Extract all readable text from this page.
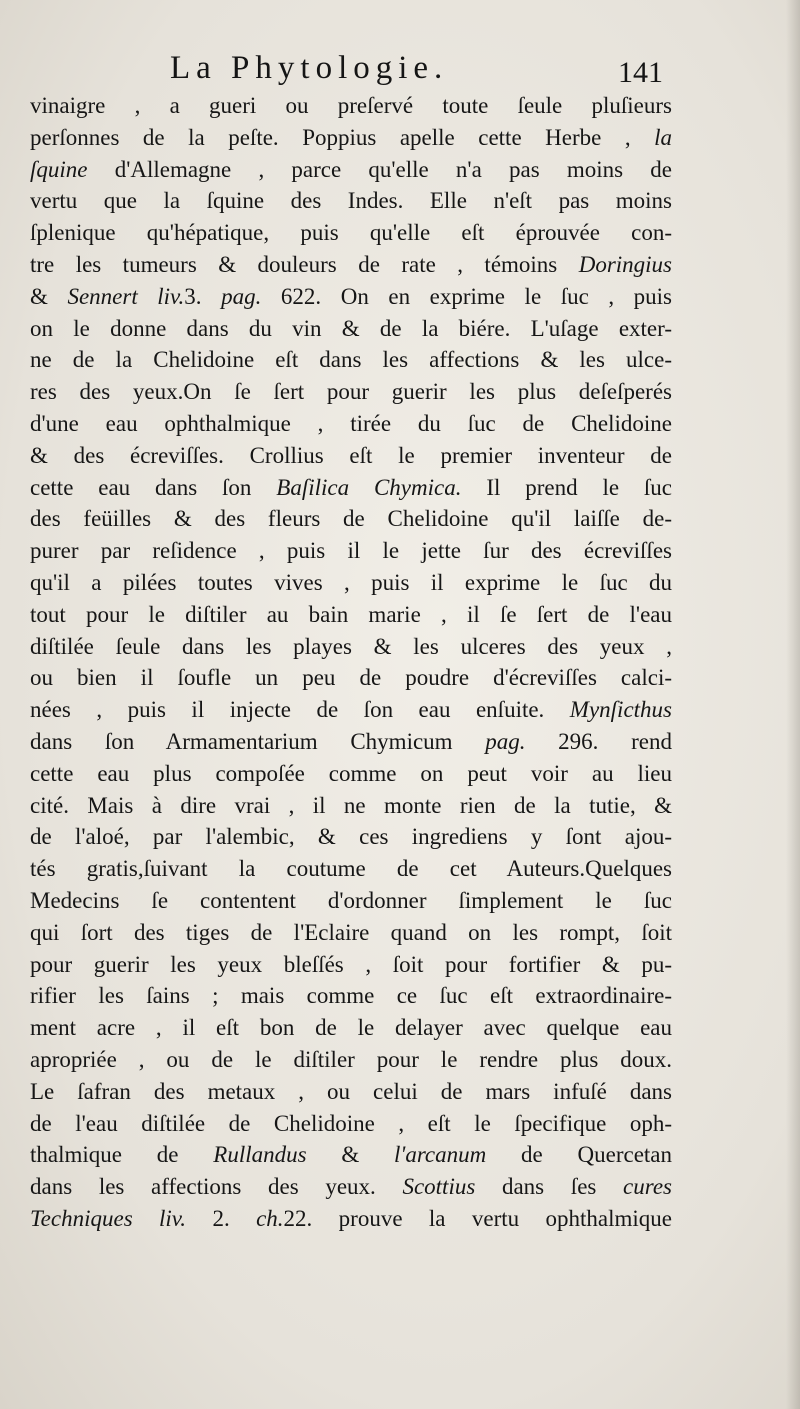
La Phytologie.	141
vinaigre , a gueri ou preſervé toute ſeule pluſieurs
perſonnes de la peſte. Poppius apelle cette Herbe , la
ſquine d'Allemagne , parce qu'elle n'a pas moins de
vertu que la ſquine des Indes. Elle n'eſt pas moins
ſplenique qu'hépatique, puis qu'elle eſt éprouvée con-
tre les tumeurs & douleurs de rate , témoins Doringius
& Sennert liv.3. pag. 622. On en exprime le ſuc , puis
on le donne dans du vin & de la biére. L'uſage exter-
ne de la Chelidoine eſt dans les affections & les ulce-
res des yeux.On ſe ſert pour guerir les plus deſeſperés
d'une eau ophthalmique , tirée du ſuc de Chelidoine
& des écreviſſes. Crollius eſt le premier inventeur de
cette eau dans ſon Baſilica Chymica. Il prend le ſuc
des feüilles & des fleurs de Chelidoine qu'il laiſſe de-
purer par reſidence , puis il le jette ſur des écreviſſes
qu'il a pilées toutes vives , puis il exprime le ſuc du
tout pour le diſtiler au bain marie , il ſe ſert de l'eau
diſtilée ſeule dans les playes & les ulceres des yeux ,
ou bien il ſoufle un peu de poudre d'écreviſſes calci-
nées , puis il injecte de ſon eau enſuite. Mynſicthus
dans ſon Armamentarium Chymicum pag. 296. rend
cette eau plus compoſée comme on peut voir au lieu
cité. Mais à dire vrai , il ne monte rien de la tutie, &
de l'aloé, par l'alembic, & ces ingrediens y ſont ajou-
tés gratis,ſuivant la coutume de cet Auteurs.Quelques
Medecins ſe contentent d'ordonner ſimplement le ſuc
qui ſort des tiges de l'Eclaire quand on les rompt, ſoit
pour guerir les yeux bleſſés , ſoit pour fortifier & pu-
rifier les ſains ; mais comme ce ſuc eſt extraordinaire-
ment acre , il eſt bon de le delayer avec quelque eau
apropriée , ou de le diſtiler pour le rendre plus doux.
Le ſafran des metaux , ou celui de mars infuſé dans
de l'eau diſtilée de Chelidoine , eſt le ſpecifique oph-
thalmique de Rullandus & l'arcanum de Quercetan
dans les affections des yeux. Scottius dans ſes cures
Techniques liv. 2. ch.22. prouve la vertu ophthalmique
